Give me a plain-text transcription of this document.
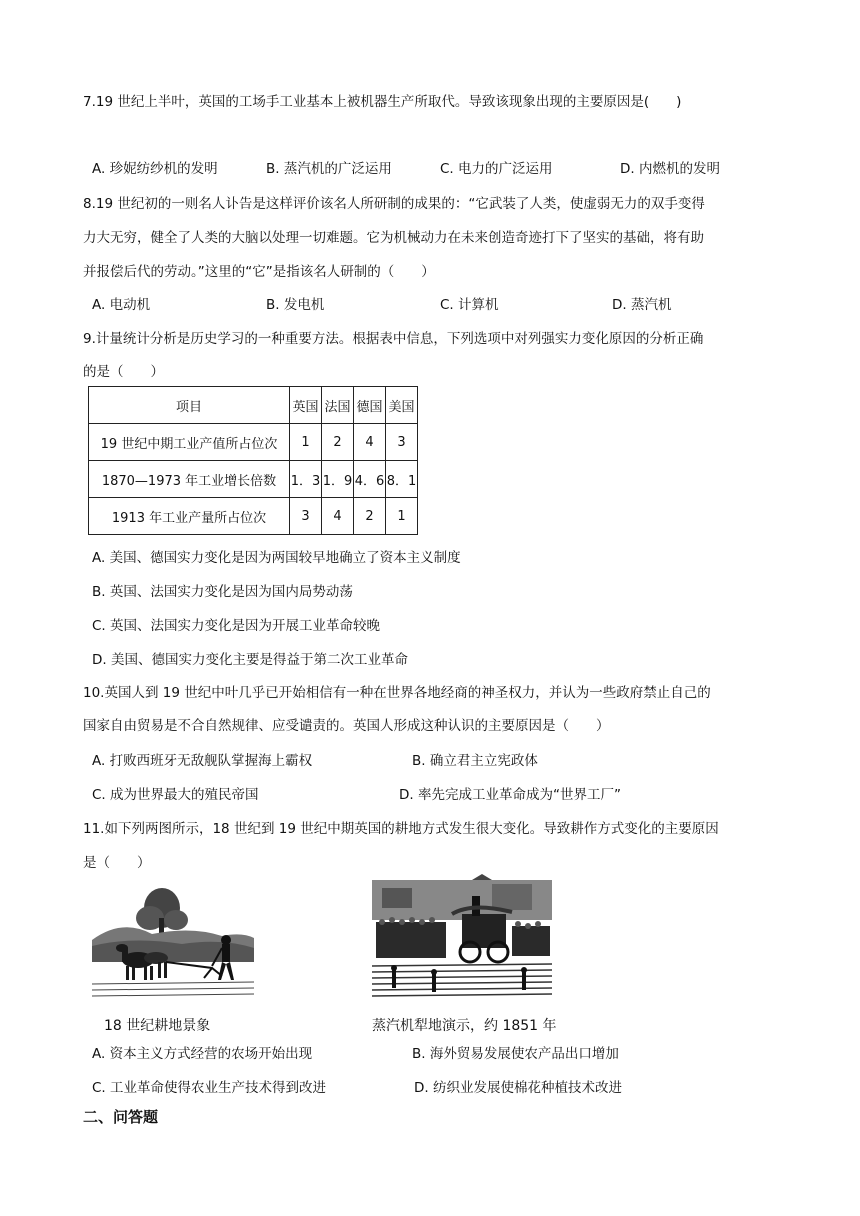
7.19 世纪上半叶，英国的工场手工业基本上被机器生产所取代。导致该现象出现的主要原因是(　　)
A. 珍妮纺纱机的发明	B. 蒸汽机的广泛运用	C. 电力的广泛运用	D. 内燃机的发明
8.19 世纪初的一则名人讣告是这样评价该名人所研制的成果的：“它武装了人类，使虚弱无力的双手变得
力大无穷，健全了人类的大脑以处理一切难题。它为机械动力在未来创造奇迹打下了坚实的基础，将有助
并报偿后代的劳动。”这里的“它”是指该名人研制的（　　）
A. 电动机	B. 发电机	C. 计算机	D. 蒸汽机
9.计量统计分析是历史学习的一种重要方法。根据表中信息，下列选项中对列强实力变化原因的分析正确
的是（　　）
项目	英国	法国	德国	美国
19 世纪中期工业产值所占位次	1	2	4	3
1870—1973 年工业增长倍数	1．3	1．9	4．6	8．1
1913 年工业产量所占位次	3	4	2	1
A. 美国、德国实力变化是因为两国较早地确立了资本主义制度
B. 英国、法国实力变化是因为国内局势动荡
C. 英国、法国实力变化是因为开展工业革命较晚
D. 美国、德国实力变化主要是得益于第二次工业革命
10.英国人到 19 世纪中叶几乎已开始相信有一种在世界各地经商的神圣权力，并认为一些政府禁止自己的
国家自由贸易是不合自然规律、应受谴责的。英国人形成这种认识的主要原因是（　　）
A. 打败西班牙无敌舰队掌握海上霸权	B. 确立君主立宪政体
C. 成为世界最大的殖民帝国	D. 率先完成工业革命成为“世界工厂”
11.如下列两图所示，18 世纪到 19 世纪中期英国的耕地方式发生很大变化。导致耕作方式变化的主要原因
是（　　）
18 世纪耕地景象	蒸汽机犁地演示，约 1851 年
A. 资本主义方式经营的农场开始出现	B. 海外贸易发展使农产品出口增加
C. 工业革命使得农业生产技术得到改进	D. 纺织业发展使棉花种植技术改进
二、问答题
